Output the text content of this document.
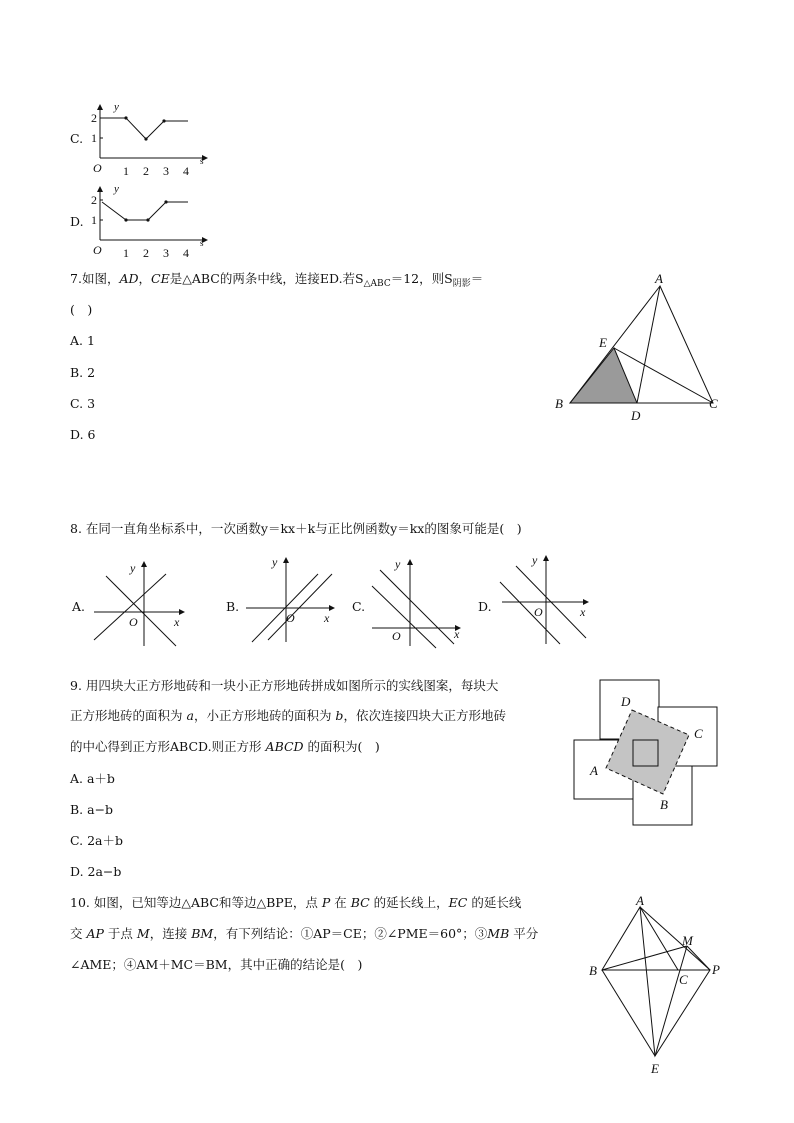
C.
y
s
O
2
1
1 2 3 4
D.
y
s
O
2
1
1 2 3 4
7.如图，AD，CE是△ABC的两条中线，连接ED.若$S_{\triangle ABC}=12$，则$S_{阴影}=$
(　)
A. 1
B. 2
C. 3
D. 6
A
E
B
D
C
8. 在同一直角坐标系中，一次函数y＝kx＋k与正比例函数y＝kx的图象可能是(　)
A.
y
x
O
B.
y
x
O
C.
y
x
O
D.
y
x
O
9. 用四块大正方形地砖和一块小正方形地砖拼成如图所示的实线图案，每块大
正方形地砖的面积为 a，小正方形地砖的面积为 b，依次连接四块大正方形地砖
的中心得到正方形ABCD.则正方形 ABCD 的面积为(　)
A. a＋b
B. a−b
C. 2a＋b
D. 2a−b
D
C
A
B
10. 如图，已知等边△ABC和等边△BPE，点 P 在 BC 的延长线上，EC 的延长线
交 AP 于点 M，连接 BM，有下列结论：①AP＝CE；②∠PME＝60°；③MB 平分
∠AME；④AM＋MC＝BM，其中正确的结论是(　)
A
M
B
C
P
E
